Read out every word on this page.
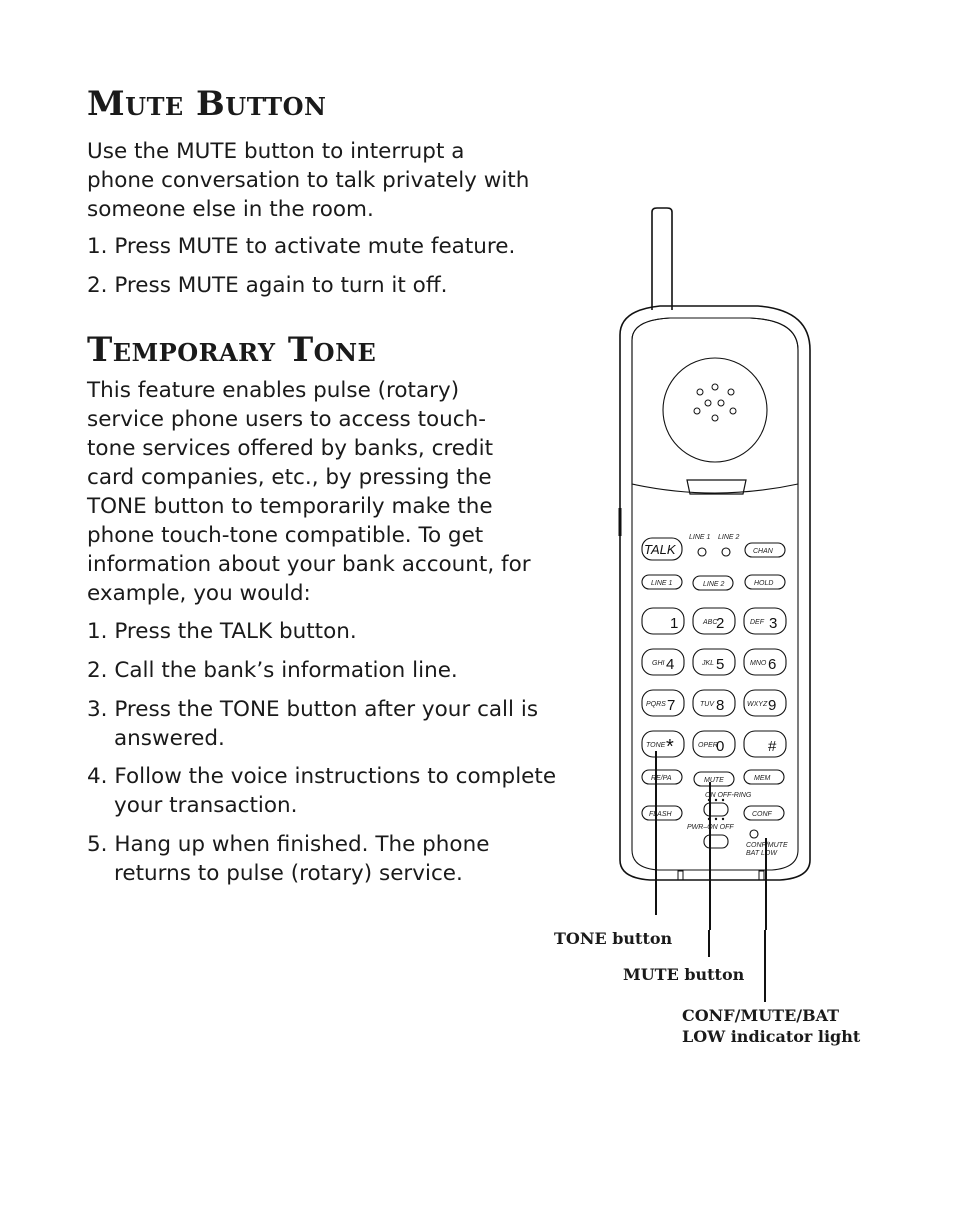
Mute Button

Use the MUTE button to interrupt a phone conversation to talk privately with someone else in the room.

1. Press MUTE to activate mute feature.

2. Press MUTE again to turn it off.

Temporary Tone

This feature enables pulse (rotary) service phone users to access touch-tone services offered by banks, credit card companies, etc., by pressing the TONE button to temporarily make the phone touch-tone compatible. To get information about your bank account, for example, you would:

1. Press the TALK button.

2. Call the bank’s information line.

3. Press the TONE button after your call is answered.

4. Follow the voice instructions to complete your transaction.

5. Hang up when finished. The phone returns to pulse (rotary) service.

TALK
LINE 1 LINE 2
CHAN
LINE 1	LINE 2	HOLD
1	ABC
2	DEF 3
GHI 4	JKL 5	MNO 6
PQRS 7	TUV 8	WXYZ 9
TONE *	OPER
0	#
RE/PA	MUTE	MEM
FLASH	CONF
ON OFF-RING
PWR–ON OFF
CONF/MUTE
BAT LOW

TONE button

MUTE button

CONF/MUTE/BAT

LOW indicator light
